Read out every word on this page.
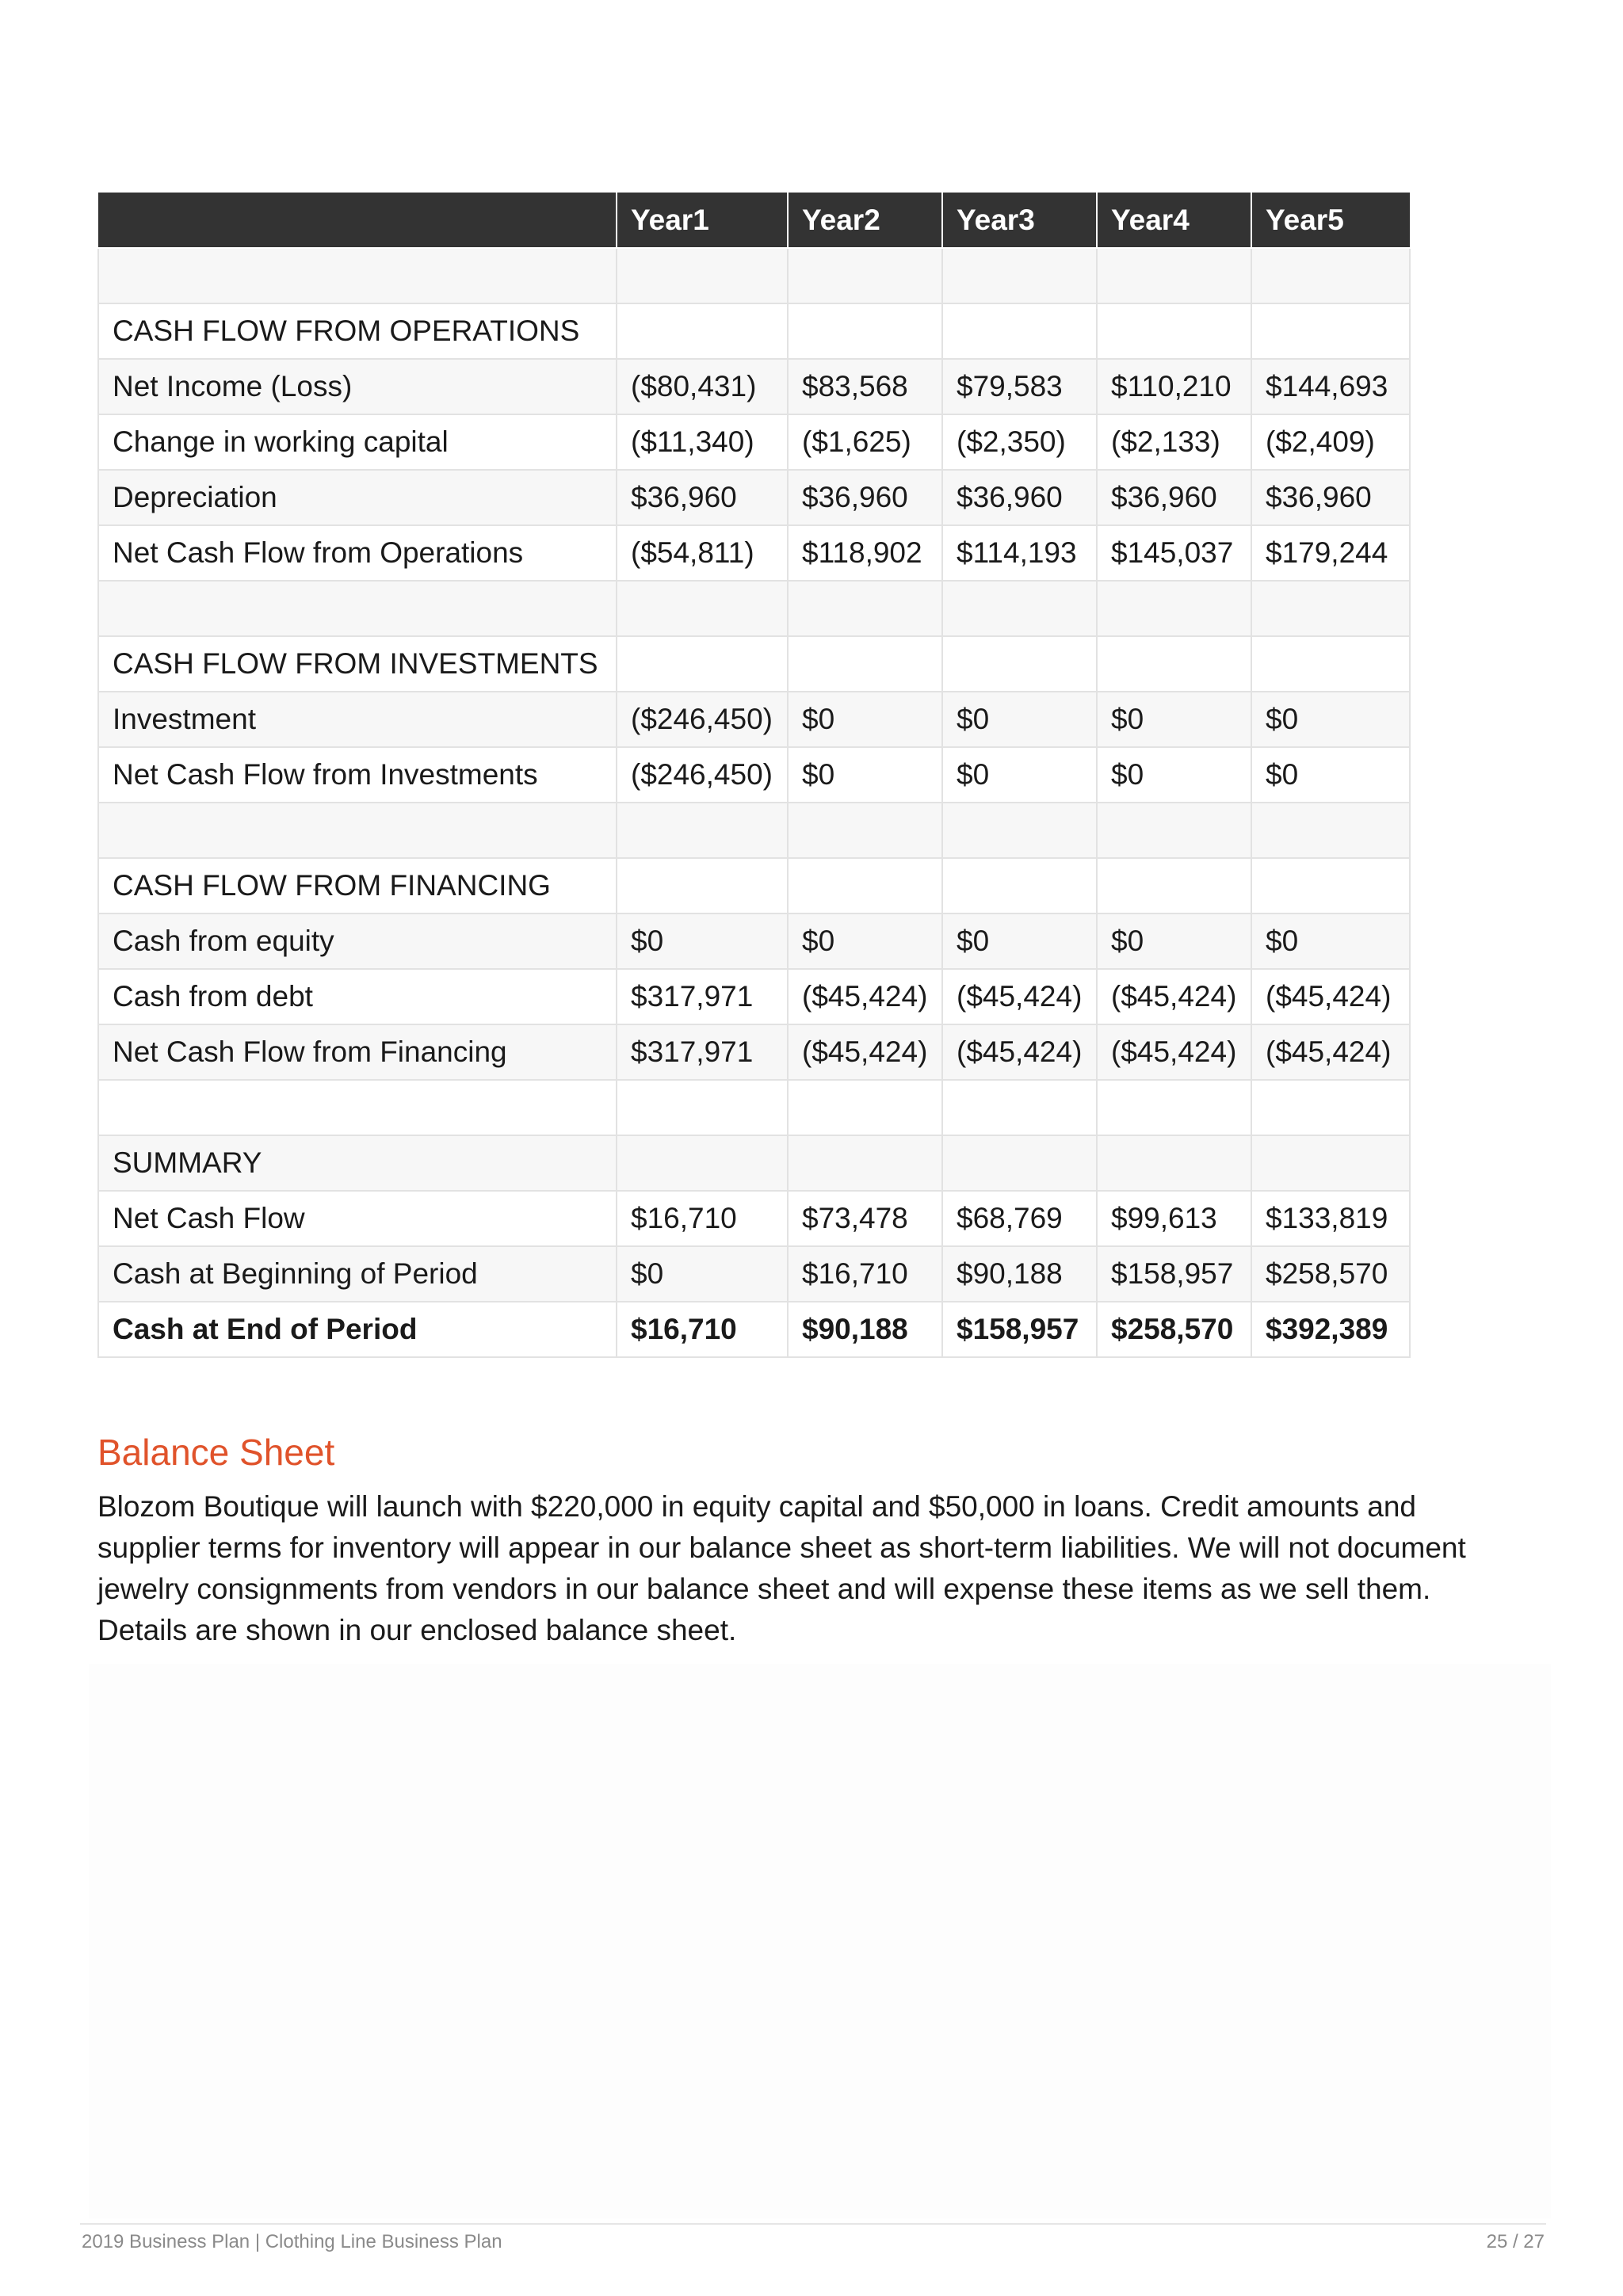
	Year1	Year2	Year3	Year4	Year5

CASH FLOW FROM OPERATIONS					
Net Income (Loss)	($80,431)	$83,568	$79,583	$110,210	$144,693
Change in working capital	($11,340)	($1,625)	($2,350)	($2,133)	($2,409)
Depreciation	$36,960	$36,960	$36,960	$36,960	$36,960
Net Cash Flow from Operations	($54,811)	$118,902	$114,193	$145,037	$179,244

CASH FLOW FROM INVESTMENTS					
Investment	($246,450)	$0	$0	$0	$0
Net Cash Flow from Investments	($246,450)	$0	$0	$0	$0

CASH FLOW FROM FINANCING					
Cash from equity	$0	$0	$0	$0	$0
Cash from debt	$317,971	($45,424)	($45,424)	($45,424)	($45,424)
Net Cash Flow from Financing	$317,971	($45,424)	($45,424)	($45,424)	($45,424)

SUMMARY					
Net Cash Flow	$16,710	$73,478	$68,769	$99,613	$133,819
Cash at Beginning of Period	$0	$16,710	$90,188	$158,957	$258,570
Cash at End of Period	$16,710	$90,188	$158,957	$258,570	$392,389
Balance Sheet

Blozom Boutique will launch with $220,000 in equity capital and $50,000 in loans. Credit amounts and supplier terms for inventory will appear in our balance sheet as short-term liabilities. We will not document jewelry consignments from vendors in our balance sheet and will expense these items as we sell them. Details are shown in our enclosed balance sheet.

2019 Business Plan | Clothing Line Business Plan	25 / 27
